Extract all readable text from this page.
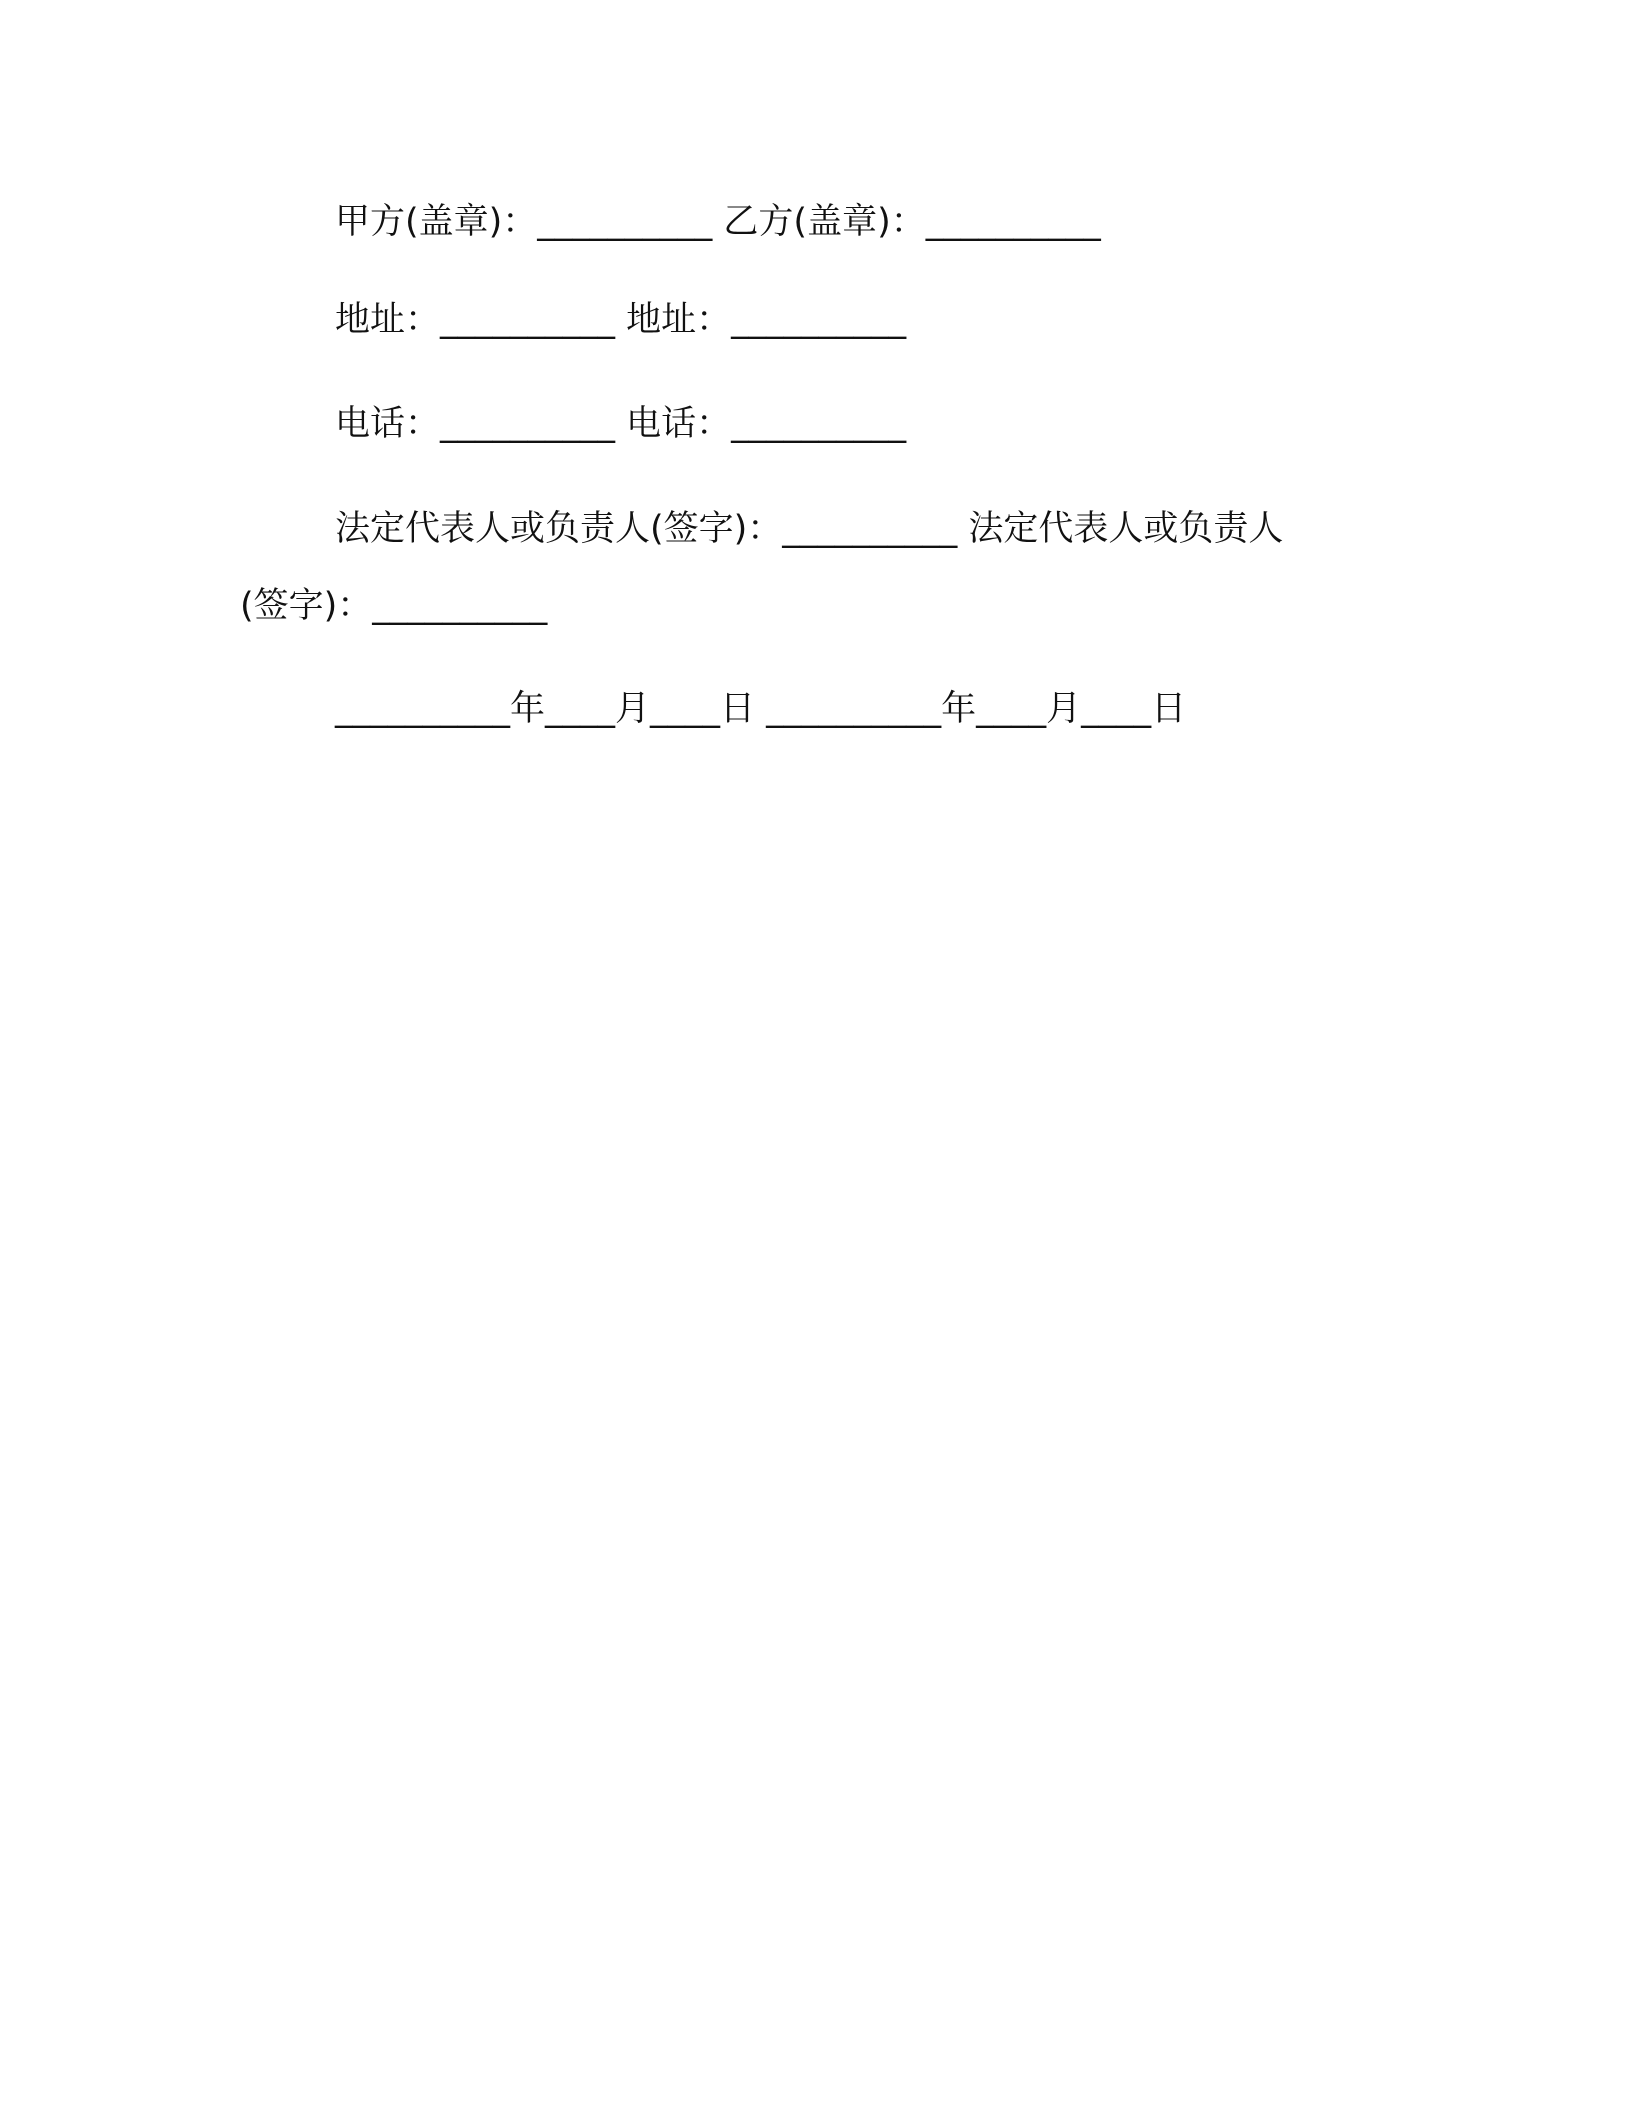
甲方(盖章)：__________ 乙方(盖章)：__________
地址：__________ 地址：__________
电话：__________ 电话：__________
法定代表人或负责人(签字)：__________ 法定代表人或负责人
(签字)：__________
__________年____月____日 __________年____月____日
